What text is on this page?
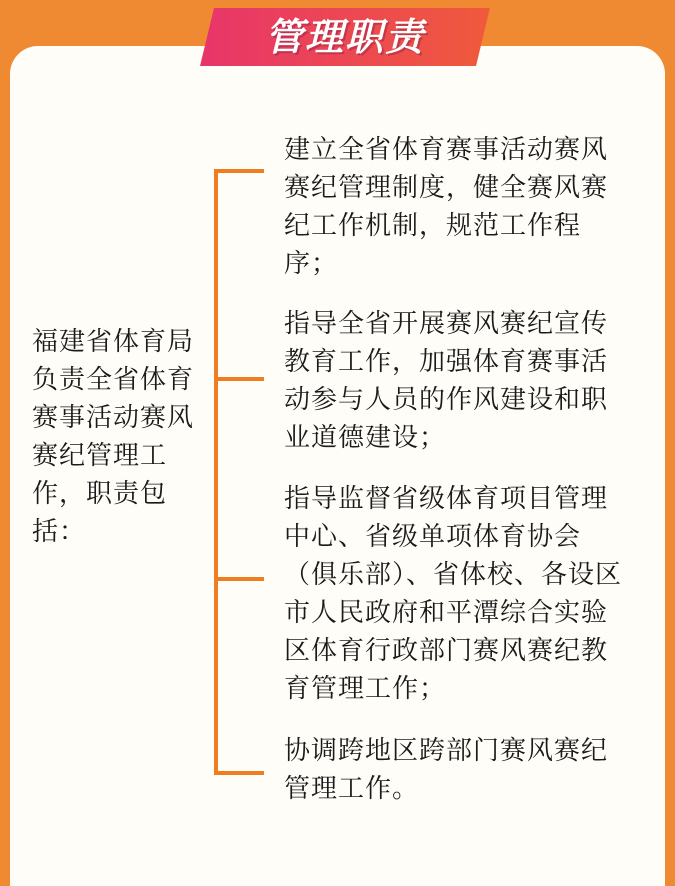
管理职责
福建省体育局负责全省体育赛事活动赛风赛纪管理工作，职责包括：
建立全省体育赛事活动赛风赛纪管理制度，健全赛风赛纪工作机制，规范工作程序；
指导全省开展赛风赛纪宣传教育工作，加强体育赛事活动参与人员的作风建设和职业道德建设；
指导监督省级体育项目管理中心、省级单项体育协会（俱乐部）、省体校、各设区市人民政府和平潭综合实验区体育行政部门赛风赛纪教育管理工作；
协调跨地区跨部门赛风赛纪管理工作。
